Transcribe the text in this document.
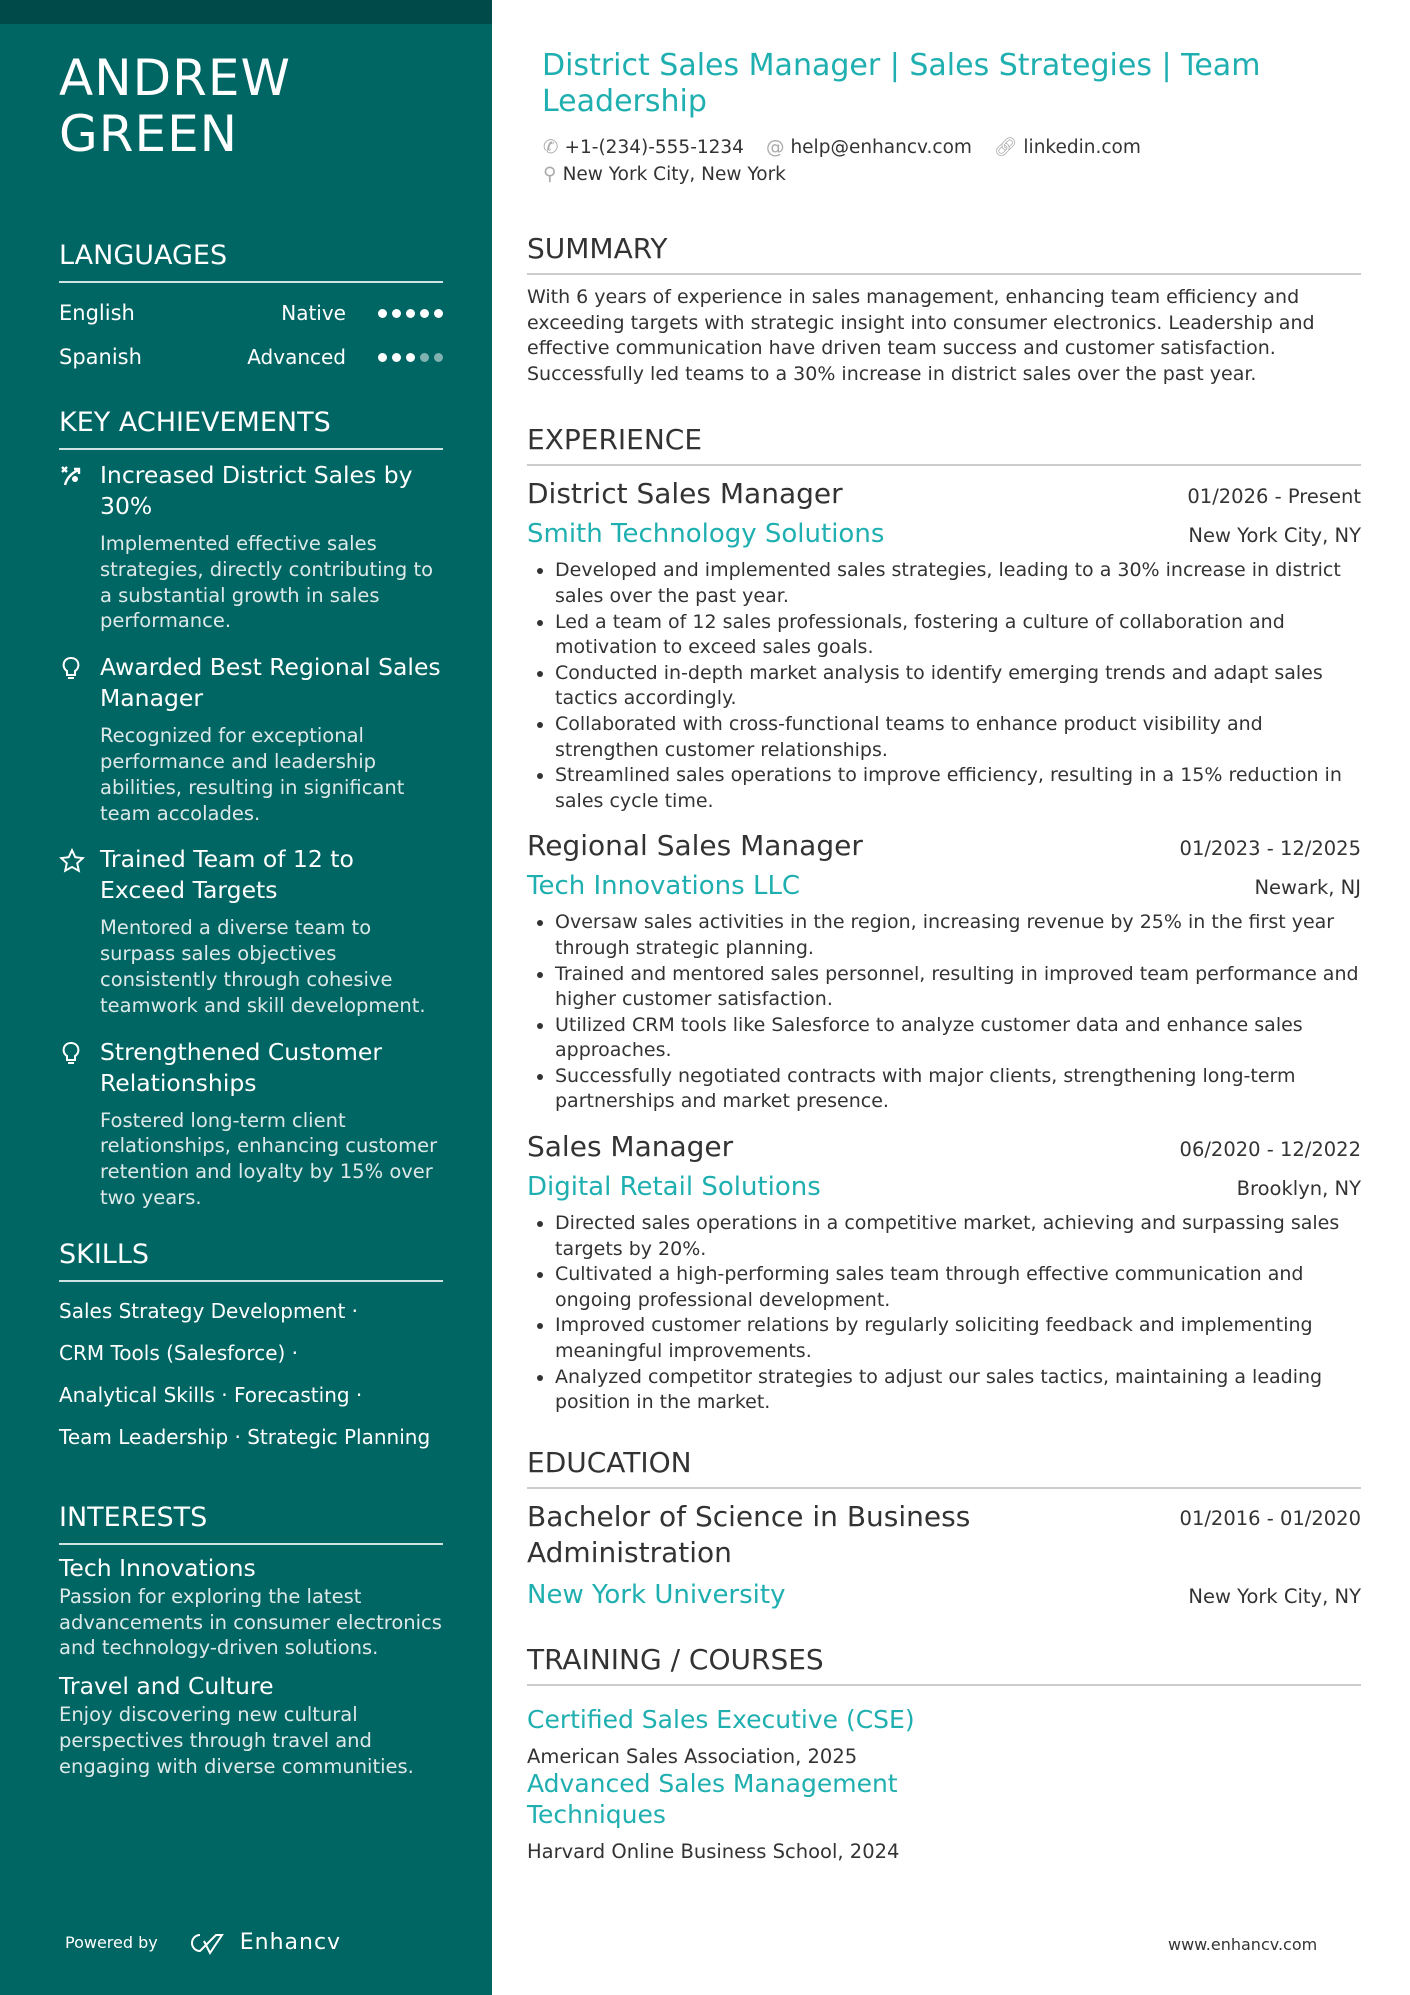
ANDREW GREEN
LANGUAGES
English	Native
Spanish	Advanced
KEY ACHIEVEMENTS
Increased District Sales by 30%
Implemented effective sales strategies, directly contributing to a substantial growth in sales performance.
Awarded Best Regional Sales Manager
Recognized for exceptional performance and leadership abilities, resulting in significant team accolades.
Trained Team of 12 to Exceed Targets
Mentored a diverse team to surpass sales objectives consistently through cohesive teamwork and skill development.
Strengthened Customer Relationships
Fostered long-term client relationships, enhancing customer retention and loyalty by 15% over two years.
SKILLS
Sales Strategy Development ·
CRM Tools (Salesforce) ·
Analytical Skills · Forecasting ·
Team Leadership · Strategic Planning
INTERESTS
Tech Innovations
Passion for exploring the latest advancements in consumer electronics and technology-driven solutions.
Travel and Culture
Enjoy discovering new cultural perspectives through travel and engaging with diverse communities.
Powered by	Enhancv
District Sales Manager | Sales Strategies | Team Leadership
✆ +1-(234)-555-1234 @ help@enhancv.com 🔗︎ linkedin.com
⚲ New York City, New York
SUMMARY

With 6 years of experience in sales management, enhancing team efficiency and exceeding targets with strategic insight into consumer electronics. Leadership and effective communication have driven team success and customer satisfaction. Successfully led teams to a 30% increase in district sales over the past year.

EXPERIENCE
District Sales Manager	01/2026 - Present
Smith Technology Solutions	New York City, NY
• Developed and implemented sales strategies, leading to a 30% increase in district sales over the past year.
• Led a team of 12 sales professionals, fostering a culture of collaboration and motivation to exceed sales goals.
• Conducted in-depth market analysis to identify emerging trends and adapt sales tactics accordingly.
• Collaborated with cross-functional teams to enhance product visibility and strengthen customer relationships.
• Streamlined sales operations to improve efficiency, resulting in a 15% reduction in sales cycle time.
Regional Sales Manager	01/2023 - 12/2025
Tech Innovations LLC	Newark, NJ
• Oversaw sales activities in the region, increasing revenue by 25% in the first year through strategic planning.
• Trained and mentored sales personnel, resulting in improved team performance and higher customer satisfaction.
• Utilized CRM tools like Salesforce to analyze customer data and enhance sales approaches.
• Successfully negotiated contracts with major clients, strengthening long-term partnerships and market presence.
Sales Manager	06/2020 - 12/2022
Digital Retail Solutions	Brooklyn, NY
• Directed sales operations in a competitive market, achieving and surpassing sales targets by 20%.
• Cultivated a high-performing sales team through effective communication and ongoing professional development.
• Improved customer relations by regularly soliciting feedback and implementing meaningful improvements.
• Analyzed competitor strategies to adjust our sales tactics, maintaining a leading position in the market.
EDUCATION
Bachelor of Science in Business Administration
01/2016 - 01/2020
New York University	New York City, NY
TRAINING / COURSES
Certified Sales Executive (CSE)
American Sales Association, 2025
Advanced Sales Management Techniques
Harvard Online Business School, 2024
www.enhancv.com
